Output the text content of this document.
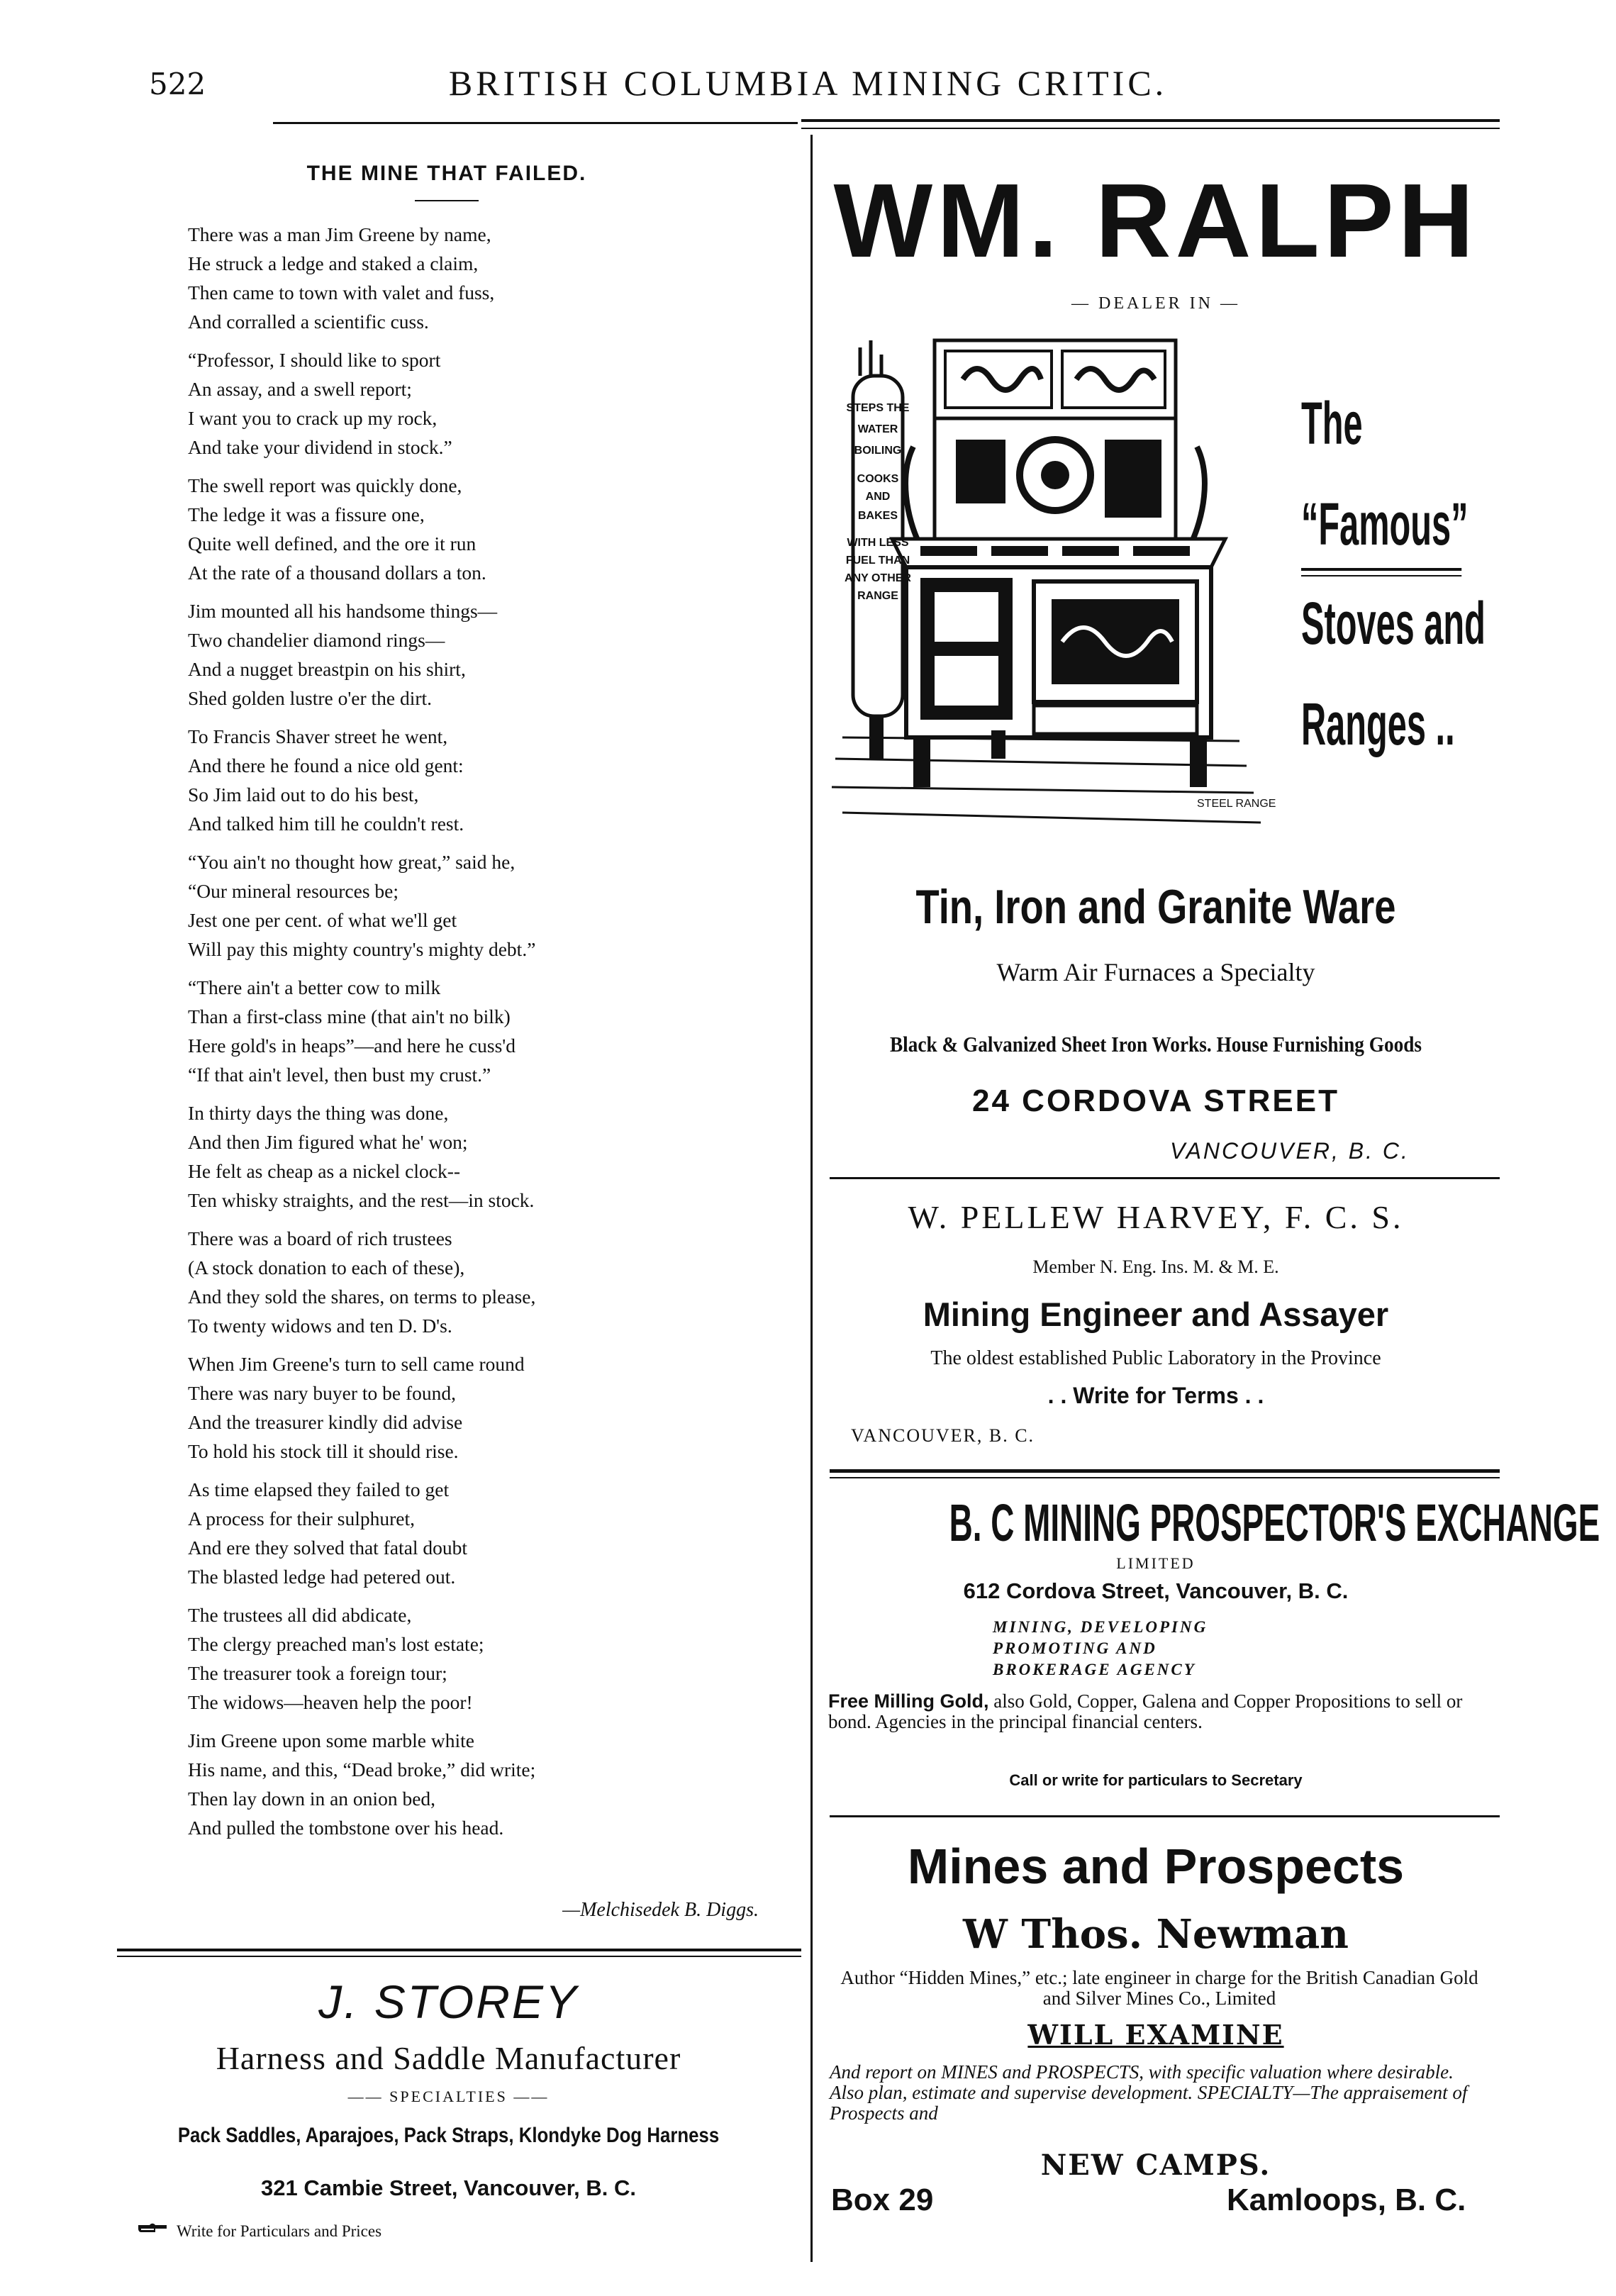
522	BRITISH COLUMBIA MINING CRITIC.
THE MINE THAT FAILED.
There was a man Jim Greene by name,
He struck a ledge and staked a claim,
Then came to town with valet and fuss,
And corralled a scientific cuss.
“Professor, I should like to sport
An assay, and a swell report;
I want you to crack up my rock,
And take your dividend in stock.”
The swell report was quickly done,
The ledge it was a fissure one,
Quite well defined, and the ore it run
At the rate of a thousand dollars a ton.
Jim mounted all his handsome things—
Two chandelier diamond rings—
And a nugget breastpin on his shirt,
Shed golden lustre o'er the dirt.
To Francis Shaver street he went,
And there he found a nice old gent:
So Jim laid out to do his best,
And talked him till he couldn't rest.
“You ain't no thought how great,” said he,
“Our mineral resources be;
Jest one per cent. of what we'll get
Will pay this mighty country's mighty debt.”
“There ain't a better cow to milk
Than a first-class mine (that ain't no bilk)
Here gold's in heaps”—and here he cuss'd
“If that ain't level, then bust my crust.”
In thirty days the thing was done,
And then Jim figured what he' won;
He felt as cheap as a nickel clock--
Ten whisky straights, and the rest—in stock.
There was a board of rich trustees
(A stock donation to each of these),
And they sold the shares, on terms to please,
To twenty widows and ten D. D's.
When Jim Greene's turn to sell came round
There was nary buyer to be found,
And the treasurer kindly did advise
To hold his stock till it should rise.
As time elapsed they failed to get
A process for their sulphuret,
And ere they solved that fatal doubt
The blasted ledge had petered out.
The trustees all did abdicate,
The clergy preached man's lost estate;
The treasurer took a foreign tour;
The widows—heaven help the poor!
Jim Greene upon some marble white
His name, and this, “Dead broke,” did write;
Then lay down in an onion bed,
And pulled the tombstone over his head.
—Melchisedek B. Diggs.
J. STOREY
Harness and Saddle Manufacturer
—— SPECIALTIES ——
Pack Saddles, Aparajoes, Pack Straps, Klondyke Dog Harness
321 Cambie Street, Vancouver, B. C.
Write for Particulars and Prices
WM. RALPH
— DEALER IN —
STEPS THE
WATER
BOILING
COOKS
AND
BAKES
WITH LESS
FUEL THAN
ANY OTHER
RANGE
STEEL RANGE
The
“Famous”
Stoves and
Ranges ..
Tin, Iron and Granite Ware
Warm Air Furnaces a Specialty
Black & Galvanized Sheet Iron Works. House Furnishing Goods
24 CORDOVA STREET
VANCOUVER, B. C.
W. PELLEW HARVEY, F. C. S.
Member N. Eng. Ins. M. & M. E.
Mining Engineer and Assayer
The oldest established Public Laboratory in the Province
. . Write for Terms . .
VANCOUVER, B. C.
B. C MINING PROSPECTOR'S EXCHANGE
LIMITED
612 Cordova Street, Vancouver, B. C.
MINING, DEVELOPING
PROMOTING AND
BROKERAGE AGENCY
Free Milling Gold, also Gold, Copper, Galena and Copper Propositions to sell or bond. Agencies in the principal financial centers.
Call or write for particulars to Secretary
Mines and Prospects
W Thos. Newman
Author “Hidden Mines,” etc.; late engineer in charge for the British Canadian Gold and Silver Mines Co., Limited
WILL EXAMINE
And report on MINES and PROSPECTS, with specific valuation where desirable. Also plan, estimate and supervise development. SPECIALTY—The appraisement of Prospects and
NEW CAMPS.
Box 29	Kamloops, B. C.
